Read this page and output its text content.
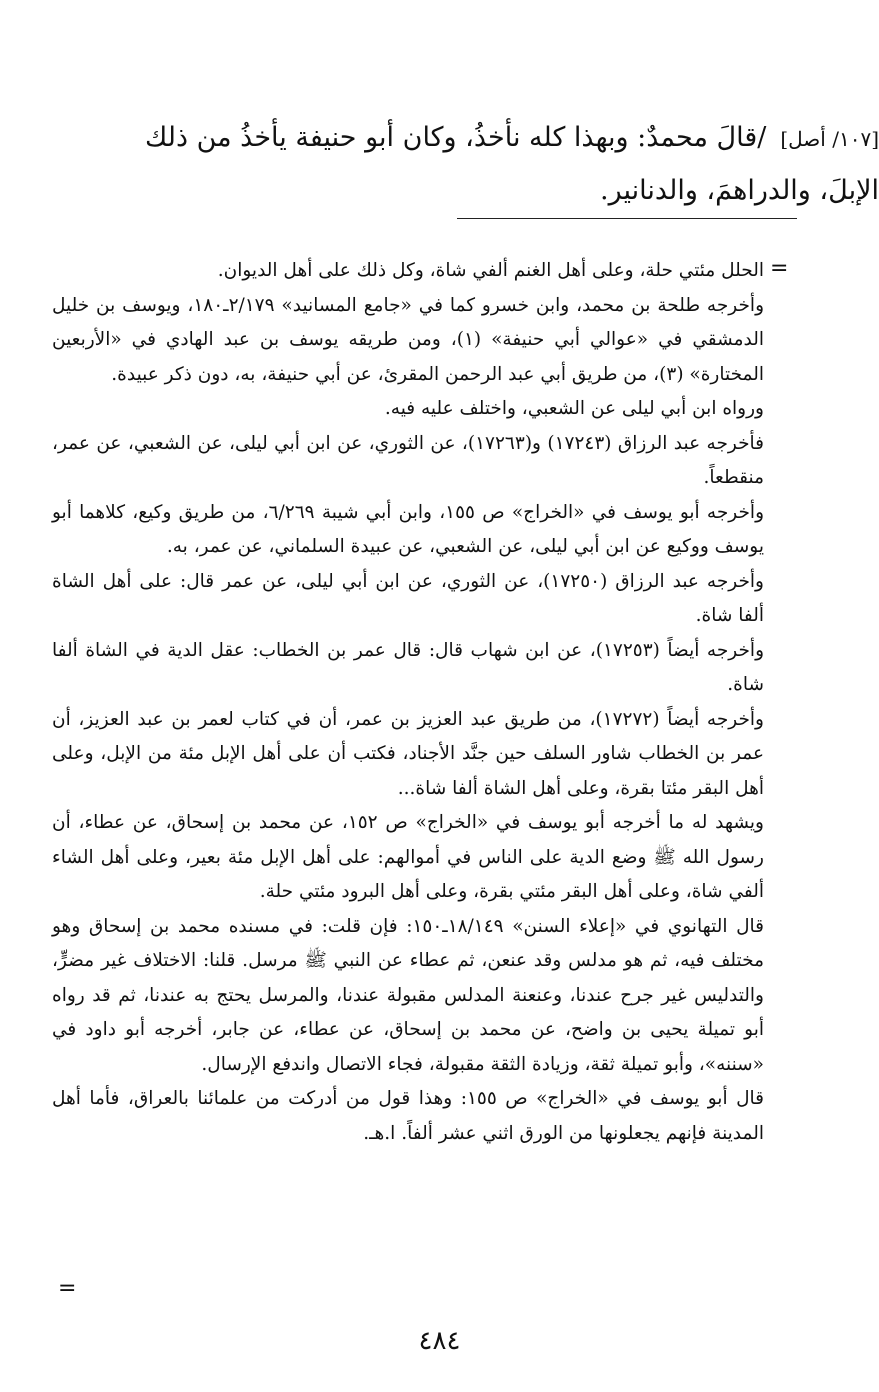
[١٠٧/ أصل]/قالَ محمدٌ: وبهذا كله نأخذُ، وكان أبو حنيفة يأخذُ من ذلك الإبلَ، والدراهمَ، والدنانير.
=

الحلل مئتي حلة، وعلى أهل الغنم ألفي شاة، وكل ذلك على أهل الديوان.

وأخرجه طلحة بن محمد، وابن خسرو كما في «جامع المسانيد» ٢/١٧٩ـ١٨٠، ويوسف بن خليل الدمشقي في «عوالي أبي حنيفة» (١)، ومن طريقه يوسف بن عبد الهادي في «الأربعين المختارة» (٣)، من طريق أبي عبد الرحمن المقرئ، عن أبي حنيفة، به، دون ذكر عبيدة.

ورواه ابن أبي ليلى عن الشعبي، واختلف عليه فيه.

فأخرجه عبد الرزاق (١٧٢٤٣) و(١٧٢٦٣)، عن الثوري، عن ابن أبي ليلى، عن الشعبي، عن عمر، منقطعاً.

وأخرجه أبو يوسف في «الخراج» ص ١٥٥، وابن أبي شيبة ٦/٢٦٩، من طريق وكيع، كلاهما أبو يوسف ووكيع عن ابن أبي ليلى، عن الشعبي، عن عبيدة السلماني، عن عمر، به.

وأخرجه عبد الرزاق (١٧٢٥٠)، عن الثوري، عن ابن أبي ليلى، عن عمر قال: على أهل الشاة ألفا شاة.

وأخرجه أيضاً (١٧٢٥٣)، عن ابن شهاب قال: قال عمر بن الخطاب: عقل الدية في الشاة ألفا شاة.

وأخرجه أيضاً (١٧٢٧٢)، من طريق عبد العزيز بن عمر، أن في كتاب لعمر بن عبد العزيز، أن عمر بن الخطاب شاور السلف حين جنَّد الأجناد، فكتب أن على أهل الإبل مئة من الإبل، وعلى أهل البقر مئتا بقرة، وعلى أهل الشاة ألفا شاة...

ويشهد له ما أخرجه أبو يوسف في «الخراج» ص ١٥٢، عن محمد بن إسحاق، عن عطاء، أن رسول الله ﷺ وضع الدية على الناس في أموالهم: على أهل الإبل مئة بعير، وعلى أهل الشاء ألفي شاة، وعلى أهل البقر مئتي بقرة، وعلى أهل البرود مئتي حلة.

قال التهانوي في «إعلاء السنن» ١٨/١٤٩ـ١٥٠: فإن قلت: في مسنده محمد بن إسحاق وهو مختلف فيه، ثم هو مدلس وقد عنعن، ثم عطاء عن النبي ﷺ مرسل. قلنا: الاختلاف غير مضرٍّ، والتدليس غير جرح عندنا، وعنعنة المدلس مقبولة عندنا، والمرسل يحتج به عندنا، ثم قد رواه أبو تميلة يحيى بن واضح، عن محمد بن إسحاق، عن عطاء، عن جابر، أخرجه أبو داود في «سننه»، وأبو تميلة ثقة، وزيادة الثقة مقبولة، فجاء الاتصال واندفع الإرسال.

قال أبو يوسف في «الخراج» ص ١٥٥: وهذا قول من أدركت من علمائنا بالعراق، فأما أهل المدينة فإنهم يجعلونها من الورق اثني عشر ألفاً. ا.هـ.

=
٤٨٤
